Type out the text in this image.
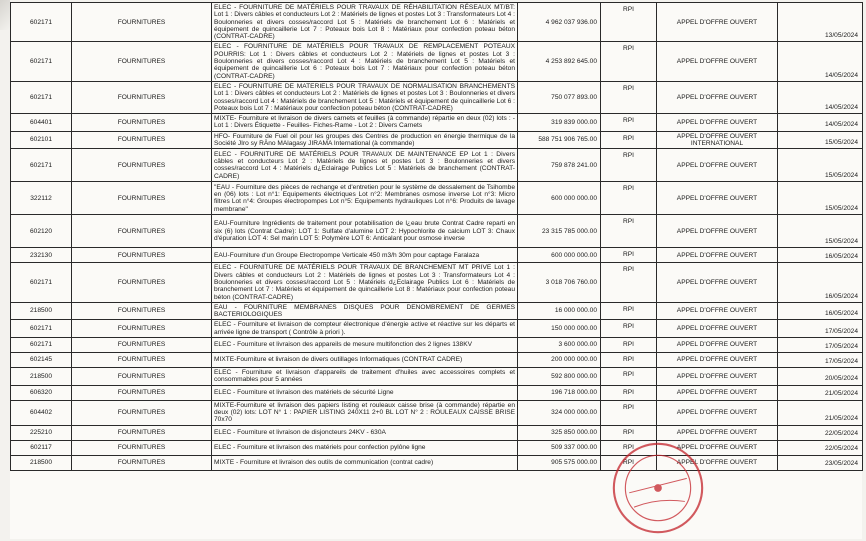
602171	FOURNITURES	ELEC - FOURNITURE DE MATÉRIELS POUR TRAVAUX DE RÉHABILITATION RÉSEAUX MT/BT: Lot 1 : Divers câbles et conducteurs Lot 2 : Matériels de lignes et postes Lot 3 : Transformateurs Lot 4 : Boulonneries et divers cosses/raccord Lot 5 : Matériels de branchement Lot 6 : Matériels et équipement de quincaillerie Lot 7 : Poteaux bois Lot 8 : Matériaux pour confection poteau béton (CONTRAT-CADRE)	4 962 037 936.00	RPI	APPEL D'OFFRE OUVERT	13/05/2024
602171	FOURNITURES	ELEC - FOURNITURE DE MATÉRIELS POUR TRAVAUX DE REMPLACEMENT POTEAUX POURRIS: Lot 1 : Divers câbles et conducteurs Lot 2 : Matériels de lignes et postes Lot 3 : Boulonneries et divers cosses/raccord Lot 4 : Matériels de branchement Lot 5 : Matériels et équipement de quincaillerie Lot 6 : Poteaux bois Lot 7 : Matériaux pour confection poteau béton (CONTRAT-CADRE)	4 253 892 645.00	RPI	APPEL D'OFFRE OUVERT	14/05/2024
602171	FOURNITURES	ELEC - FOURNITURE DE MATERIELS POUR TRAVAUX DE NORMALISATION BRANCHEMENTS Lot 1 : Divers câbles et conducteurs Lot 2 : Matériels de lignes et postes Lot 3 : Boulonneries et divers cosses/raccord Lot 4 : Matériels de branchement Lot 5 : Matériels et équipement de quincaillerie Lot 6 : Poteaux bois Lot 7 : Matériaux pour confection poteau béton (CONTRAT-CADRE)	750 077 893.00	RPI	APPEL D'OFFRE OUVERT	14/05/2024
604401	FOURNITURES	MIXTE- Fourniture et livraison de divers carnets et feuilles (à commande) répartie en deux (02) lots : - Lot 1 : Divers Étiquette - Feuilles- Fiches-Rame - Lot 2 : Divers Carnets	319 839 000.00	RPI	APPEL D'OFFRE OUVERT	14/05/2024
602101	FOURNITURES	HFO- Fourniture de Fuel oil pour les groupes des Centres de production en énergie thermique de la Société JIro sy RÄno MAlagasy JIRAMA International (à commande)	588 751 906 765.00	RPI	APPEL D'OFFRE OUVERT INTERNATIONAL	15/05/2024
602171	FOURNITURES	ELEC - FOURNITURE DE MATÉRIELS POUR TRAVAUX DE MAINTENANCE EP Lot 1 : Divers câbles et conducteurs Lot 2 : Matériels de lignes et postes Lot 3 : Boulonneries et divers cosses/raccord Lot 4 : Matériels d¿Eclairage Publics Lot 5 : Matériels de branchement (CONTRAT-CADRE)	759 878 241.00	RPI	APPEL D'OFFRE OUVERT	15/05/2024
322112	FOURNITURES	"EAU - Fourniture des pièces de rechange et d'entretien pour le système de dessalement de Tsihombe en (06) lots : Lot n°1: Equipements électriques Lot n°2: Membranes osmose inverse Lot n°3: Micro filtres Lot n°4: Groupes électropompes Lot n°5: Equipements hydrauliques Lot n°6: Produits de lavage membrane"	600 000 000.00	RPI	APPEL D'OFFRE OUVERT	15/05/2024
602120	FOURNITURES	EAU-Fourniture Ingrédients de traitement pour potabilisation de l¿eau brute Contrat Cadre reparti en six (6) lots (Contrat Cadre): LOT 1: Sulfate d'alumine LOT 2: Hypochlorite de calcium LOT 3: Chaux d'épuration LOT 4: Sel marin LOT 5: Polymère LOT 6: Anticalant pour osmose inverse	23 315 785 000.00	RPI	APPEL D'OFFRE OUVERT	15/05/2024
232130	FOURNITURES	EAU-Fourniture d'un Groupe Electropompe Verticale 450 m3/h 30m pour captage Faralaza	600 000 000.00	RPI	APPEL D'OFFRE OUVERT	16/05/2024
602171	FOURNITURES	ELEC - FOURNITURE DE MATÉRIELS POUR TRAVAUX DE BRANCHEMENT MT PRIVE Lot 1 : Divers câbles et conducteurs Lot 2 : Matériels de lignes et postes Lot 3 : Transformateurs Lot 4 : Boulonneries et divers cosses/raccord Lot 5 : Matériels d¿Eclairage Publics Lot 6 : Matériels de branchement Lot 7 : Matériels et équipement de quincaillerie Lot 8 : Matériaux pour confection poteau béton (CONTRAT-CADRE)	3 018 706 760.00	RPI	APPEL D'OFFRE OUVERT	16/05/2024
218500	FOURNITURES	EAU - FOURNITURE MEMBRANES DISQUES POUR DENOMBREMENT DE GERMES BACTERIOLOGIQUES	16 000 000.00	RPI	APPEL D'OFFRE OUVERT	16/05/2024
602171	FOURNITURES	ELEC - Fourniture et livraison de compteur électronique d'énergie active et réactive sur les départs et arrivée ligne de transport ( Contrôle à priori ).	150 000 000.00	RPI	APPEL D'OFFRE OUVERT	17/05/2024
602171	FOURNITURES	ELEC - Fourniture et livraison des appareils de mesure multifonction des 2 lignes 138KV	3 600 000.00	RPI	APPEL D'OFFRE OUVERT	17/05/2024
602145	FOURNITURES	MIXTE-Fourniture et livraison de divers outillages Informatiques (CONTRAT CADRE)	200 000 000.00	RPI	APPEL D'OFFRE OUVERT	17/05/2024
218500	FOURNITURES	ELEC - Fourniture et livraison d'appareils de traitement d'huiles avec accessoires complets et consommables pour 5 années	592 800 000.00	RPI	APPEL D'OFFRE OUVERT	20/05/2024
606320	FOURNITURES	ELEC - Fourniture et livraison des matériels de sécurité Ligne	196 718 000.00	RPI	APPEL D'OFFRE OUVERT	21/05/2024
604402	FOURNITURES	MIXTE-Fourniture et livraison des papiers listing et rouleaux caisse brise (à commande) répartie en deux (02) lots: LOT N° 1 : PAPIER LISTING 240X11 2+0 BL LOT N° 2 : ROULEAUX CAISSE BRISE 70x70	324 000 000.00	RPI	APPEL D'OFFRE OUVERT	21/05/2024
225210	FOURNITURES	ELEC - Fourniture et livraison de disjoncteurs 24KV - 630A	325 850 000.00	RPI	APPEL D'OFFRE OUVERT	22/05/2024
602117	FOURNITURES	ELEC - Fourniture et livraison des matériels pour confection pylône ligne	509 337 000.00	RPI	APPEL D'OFFRE OUVERT	22/05/2024
218500	FOURNITURES	MIXTE - Fourniture et livraison des outils de communication (contrat cadre)	905 575 000.00	RPI	APPEL D'OFFRE OUVERT	23/05/2024
